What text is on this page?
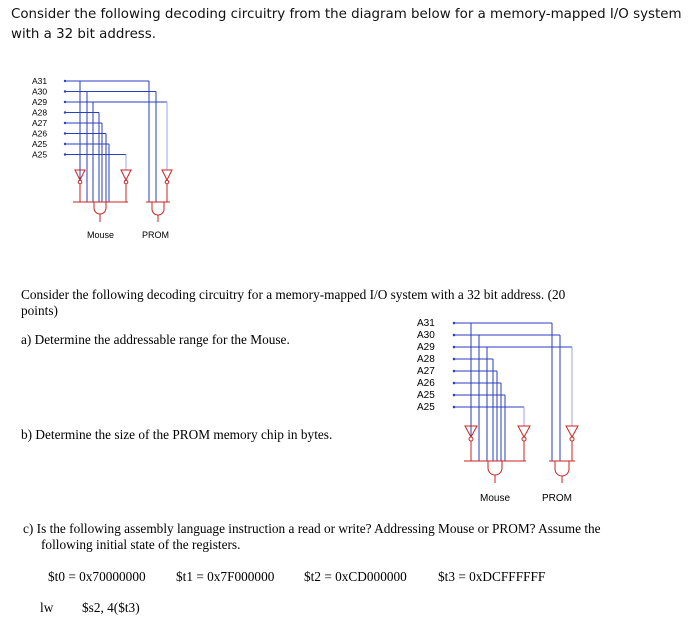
Consider the following decoding circuitry from the diagram below for a memory-mapped I/O system with a 32 bit address.
A31
A30
A29
A28
A27
A26
A25
A25
Mouse	PROM
Consider the following decoding circuitry for a memory-mapped I/O system with a 32 bit address. (20 points)
a) Determine the addressable range for the Mouse.
b) Determine the size of the PROM memory chip in bytes.
c) Is the following assembly language instruction a read or write? Addressing Mouse or PROM? Assume the following initial state of the registers.
$t0 = 0x70000000 $t1 = 0x7F000000 $t2 = 0xCD000000 $t3 = 0xDCFFFFFF
lw $s2, 4($t3)
A31
A30
A29
A28
A27
A26
A25
A25
Mouse	PROM
